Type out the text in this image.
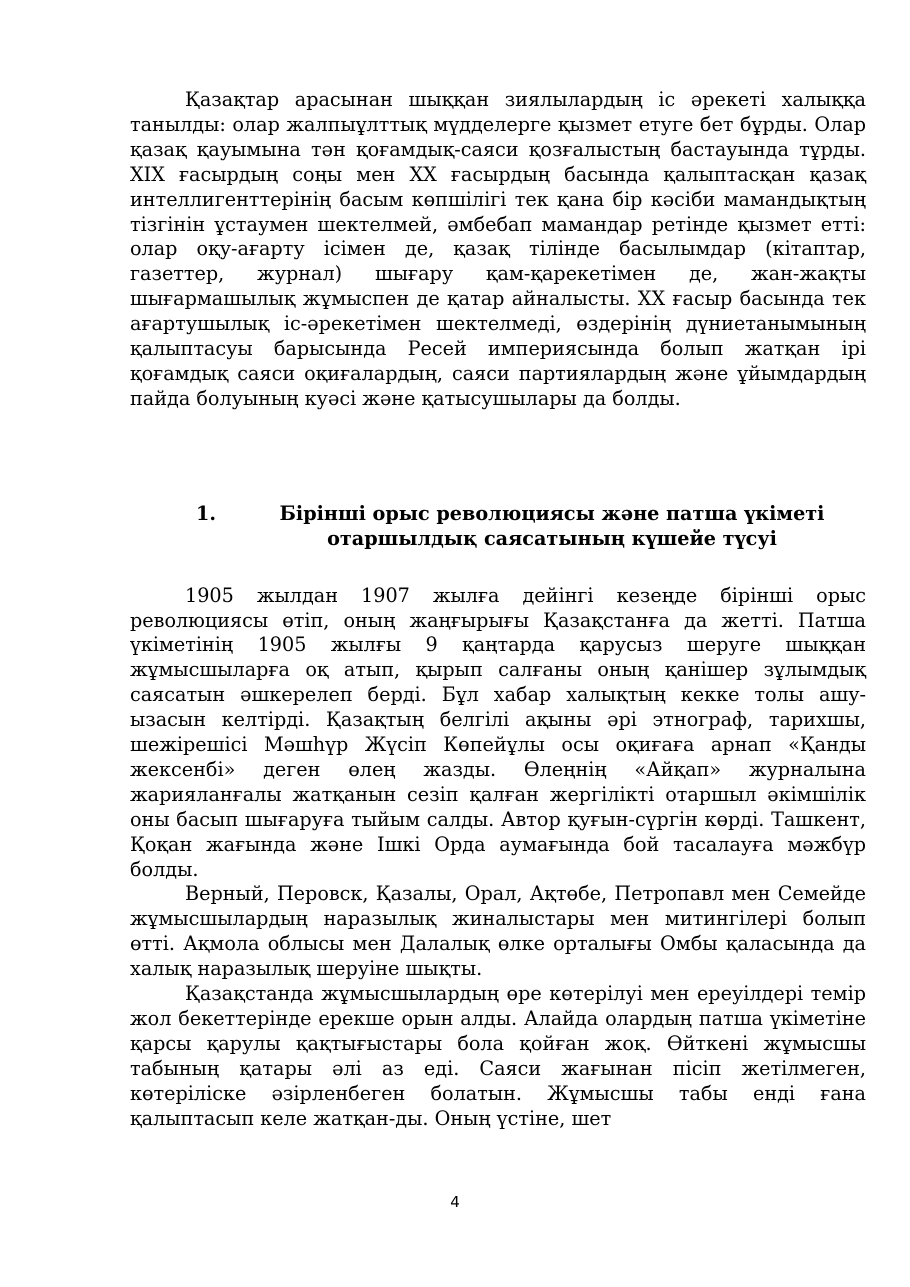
Қазақтар арасынан шыққан зиялылардың іс әрекеті халыққа танылды: олар жалпыұлттық мүдделерге қызмет етуге бет бұрды. Олар қазақ қауымына тән қоғамдық-саяси қозғалыстың бастауында тұрды. XIX ғасырдың соңы мен XX ғасырдың басында қалыптасқан қазақ интеллигенттерінің басым көпшілігі тек қана бір кәсіби мамандықтың тізгінін ұстаумен шектелмей, әмбебап мамандар ретінде қызмет етті: олар оқу-ағарту ісімен де, қазақ тілінде басылымдар (кітаптар, газеттер, журнал) шығару қам-қарекетімен де, жан-жақты шығармашылық жұмыспен де қатар айналысты. XX ғасыр басында тек ағартушылық іс-әрекетімен шектелмеді, өздерінің дүниетанымының қалыптасуы барысында Ресей империясында болып жатқан ірі қоғамдық саяси оқиғалардың, саяси партиялардың және ұйымдардың пайда болуының куәсі және қатысушылары да болды.

1.	Бірінші орыс революциясы және патша үкіметі
отаршылдық саясатының күшейе түсуі

1905 жылдан 1907 жылға дейінгі кезеңде бірінші орыс революциясы өтіп, оның жаңғырығы Қазақстанға да жетті. Патша үкіметінің 1905 жылғы 9 қаңтарда қарусыз шеруге шыққан жұмысшыларға оқ атып, қырып салғаны оның қанішер зұлымдық саясатын әшкерелеп берді. Бұл хабар халықтың кекке толы ашу-ызасын келтірді. Қазақтың белгілі ақыны әрі этнограф, тарихшы, шежірешісі Мәшһүр Жүсіп Көпейұлы осы оқиғаға арнап «Қанды жексенбі» деген өлең жазды. Өлеңнің «Айқап» журналына жарияланғалы жатқанын сезіп қалған жергілікті отаршыл әкімшілік оны басып шығаруға тыйым салды. Автор қуғын-сүргін көрді. Ташкент, Қоқан жағында және Ішкі Орда аумағында бой тасалауға мәжбүр болды.

Верный, Перовск, Қазалы, Орал, Ақтөбе, Петропавл мен Семейде жұмысшылардың наразылық жиналыстары мен митингілері болып өтті. Ақмола облысы мен Далалық өлке орталығы Омбы қаласында да халық наразылық шеруіне шықты.

Қазақстанда жұмысшылардың өре көтерілуі мен ереуілдері темір жол бекеттерінде ерекше орын алды. Алайда олардың патша үкіметіне қарсы қарулы қақтығыстары бола қойған жоқ. Өйткені жұмысшы табының қатары әлі аз еді. Саяси жағынан пісіп жетілмеген, көтеріліске әзірленбеген болатын. Жұмысшы табы енді ғана қалыптасып келе жатқан-ды. Оның үстіне, шет

4
